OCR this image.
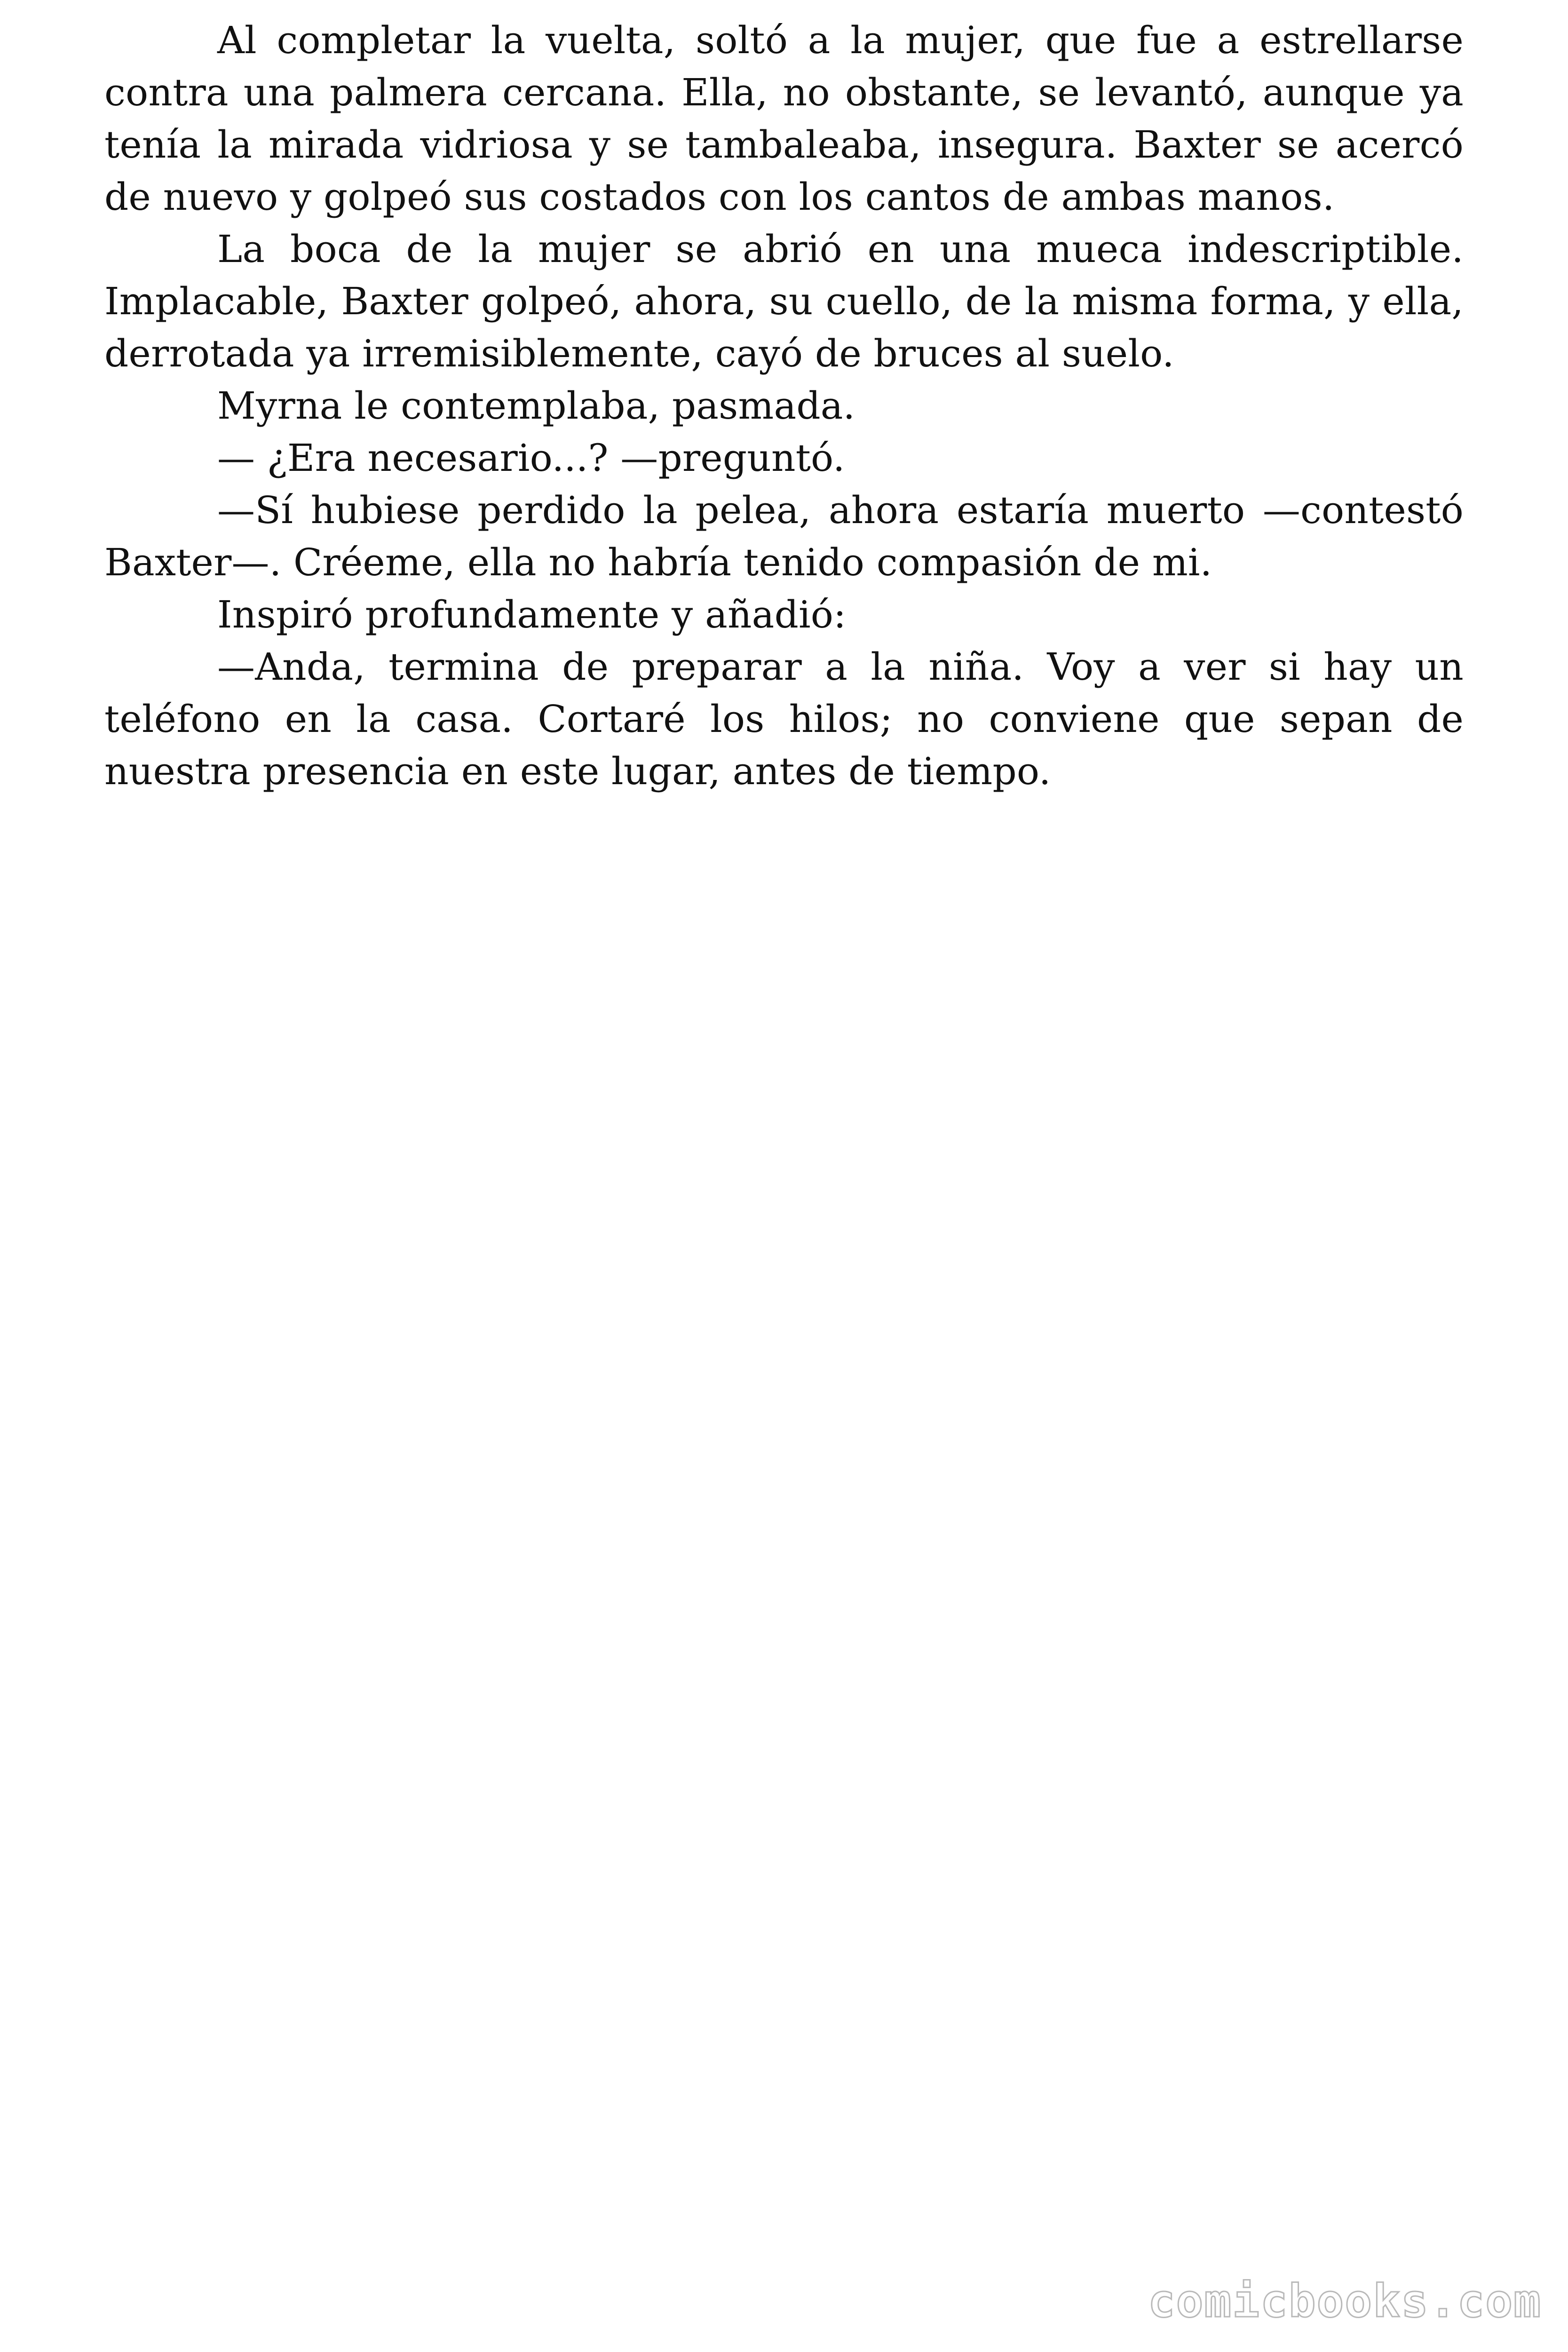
Al completar la vuelta, soltó a la mujer, que fue a estrellarse contra una palmera cercana. Ella, no obstante, se levantó, aunque ya tenía la mirada vidriosa y se tambaleaba, insegura. Baxter se acercó de nuevo y golpeó sus costados con los cantos de ambas manos.

La boca de la mujer se abrió en una mueca indescriptible. Implacable, Baxter golpeó, ahora, su cuello, de la misma forma, y ella, derrotada ya irremisiblemente, cayó de bruces al suelo.

Myrna le contemplaba, pasmada.

— ¿Era necesario...? —preguntó.

—Sí hubiese perdido la pelea, ahora estaría muerto —contestó Baxter—. Créeme, ella no habría tenido compasión de mi.

Inspiró profundamente y añadió:

—Anda, termina de preparar a la niña. Voy a ver si hay un teléfono en la casa. Cortaré los hilos; no conviene que sepan de nuestra presencia en este lugar, antes de tiempo.

comicbooks.com
